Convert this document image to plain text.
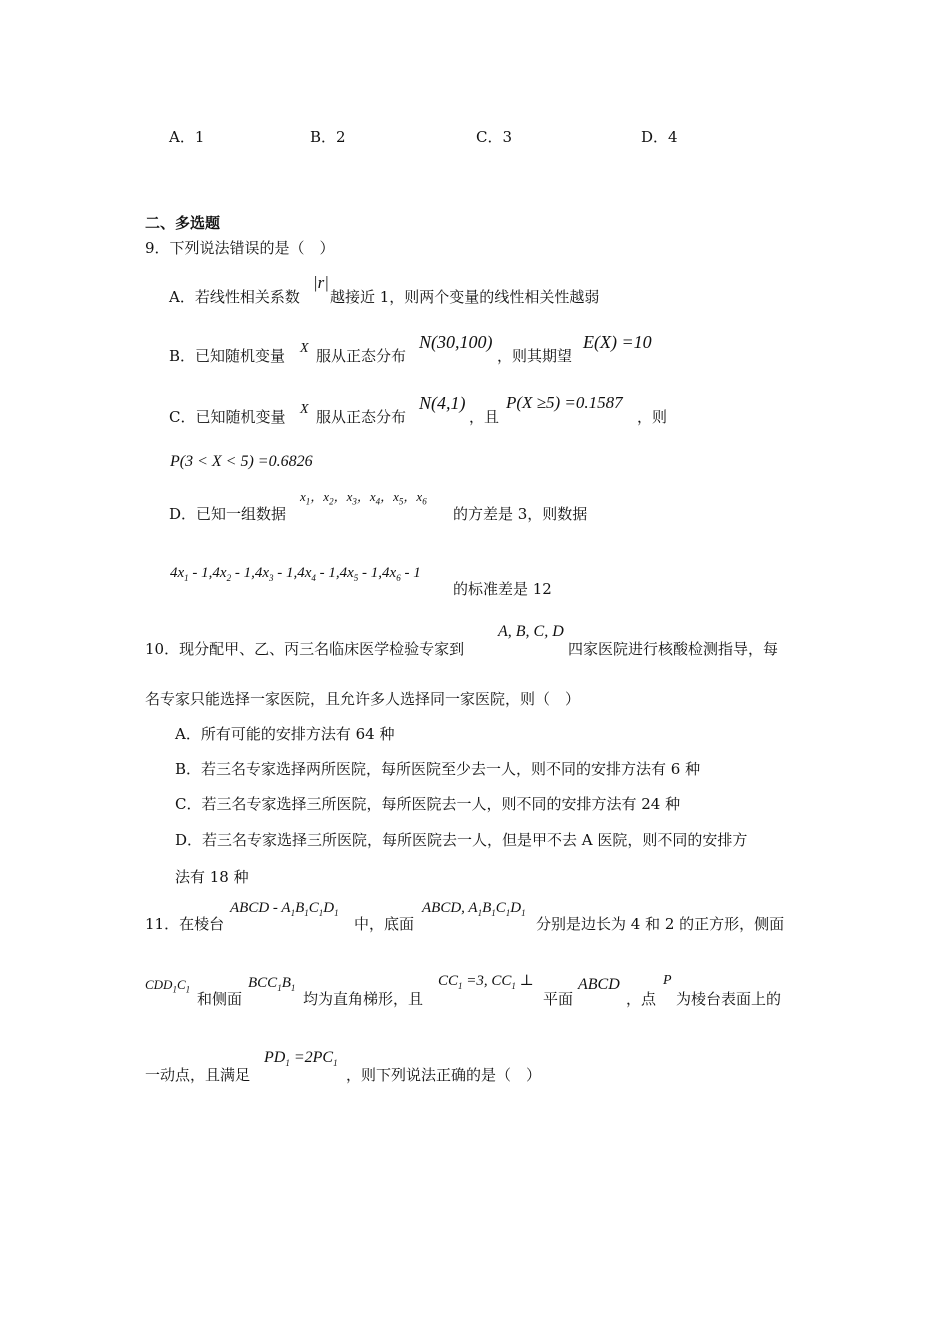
A．1	B．2	C．3	D．4
二、多选题
9．下列说法错误的是（　）
A．若线性相关系数
|r|
越接近 1，则两个变量的线性相关性越弱
B．已知随机变量 X 服从正态分布
N(30,100)
，则其期望
E(X) =10
C．已知随机变量 X 服从正态分布
N(4,1)
，且
P(X ≥5) =0.1587
，则
P(3 < X < 5) =0.6826
D．已知一组数据
$x_1$，$x_2$，$x_3$，$x_4$，$x_5$，$x_6$
的方差是 3，则数据
$4x_1 - 1,4x_2 - 1,4x_3 - 1,4x_4 - 1,4x_5 - 1,4x_6 - 1$
的标准差是 12
10．现分配甲、乙、丙三名临床医学检验专家到
A, B, C, D
四家医院进行核酸检测指导，每
名专家只能选择一家医院，且允许多人选择同一家医院，则（　）
A．所有可能的安排方法有 64 种
B．若三名专家选择两所医院，每所医院至少去一人，则不同的安排方法有 6 种
C．若三名专家选择三所医院，每所医院去一人，则不同的安排方法有 24 种
D．若三名专家选择三所医院，每所医院去一人，但是甲不去 A 医院，则不同的安排方
法有 18 种
11．在棱台
ABCD - $A_1B_1C_1D_1$
中，底面
ABCD, $A_1B_1C_1D_1$
分别是边长为 4 和 2 的正方形，侧面
$CDD_1C_1$
和侧面
$BCC_1B_1$
均为直角梯形，且
$CC_1 =3$, $CC_1$ ⊥
平面
ABCD
，点
P
为棱台表面上的
一动点，且满足
$PD_1 =2PC_1$
，则下列说法正确的是（　）
